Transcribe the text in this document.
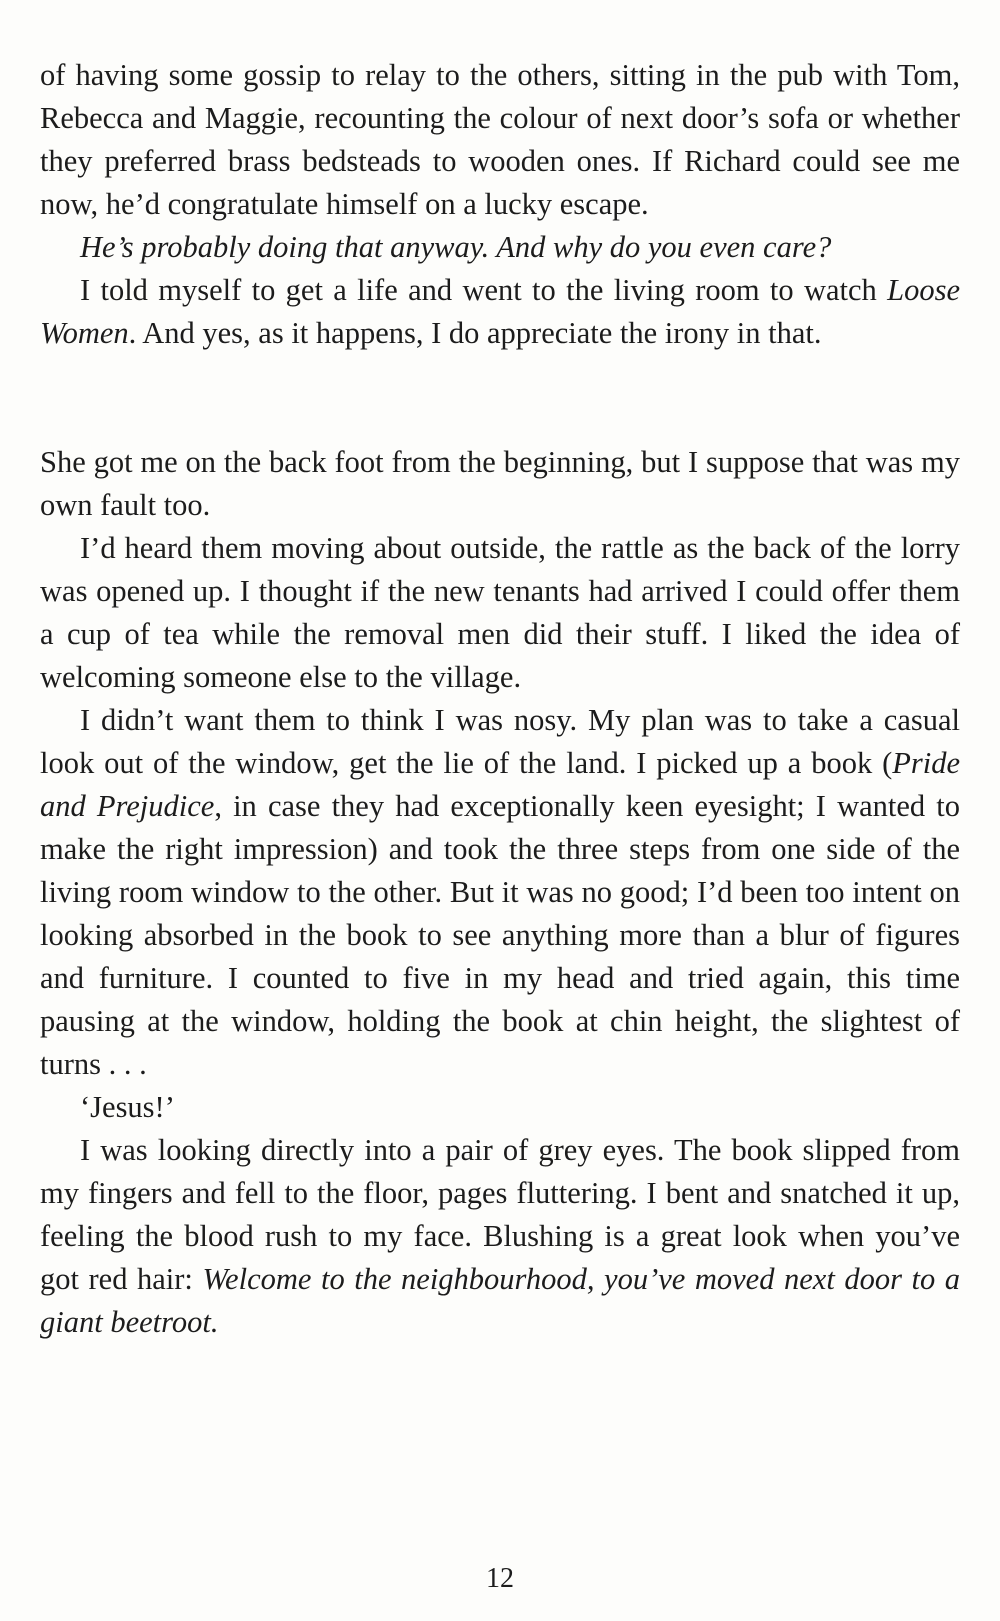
of having some gossip to relay to the others, sitting in the pub with Tom, Rebecca and Maggie, recounting the colour of next door’s sofa or whether they preferred brass bedsteads to wooden ones. If Richard could see me now, he’d congratulate himself on a lucky escape.

He’s probably doing that anyway. And why do you even care?

I told myself to get a life and went to the living room to watch Loose Women. And yes, as it happens, I do appreciate the irony in that.

She got me on the back foot from the beginning, but I suppose that was my own fault too.

I’d heard them moving about outside, the rattle as the back of the lorry was opened up. I thought if the new tenants had arrived I could offer them a cup of tea while the removal men did their stuff. I liked the idea of welcoming someone else to the village.

I didn’t want them to think I was nosy. My plan was to take a casual look out of the window, get the lie of the land. I picked up a book (Pride and Prejudice, in case they had exceptionally keen eyesight; I wanted to make the right impression) and took the three steps from one side of the living room window to the other. But it was no good; I’d been too intent on looking absorbed in the book to see anything more than a blur of figures and furniture. I counted to five in my head and tried again, this time pausing at the window, holding the book at chin height, the slightest of turns . . .

‘Jesus!’

I was looking directly into a pair of grey eyes. The book slipped from my fingers and fell to the floor, pages fluttering. I bent and snatched it up, feeling the blood rush to my face. Blushing is a great look when you’ve got red hair: Welcome to the neighbourhood, you’ve moved next door to a giant beetroot.

12
